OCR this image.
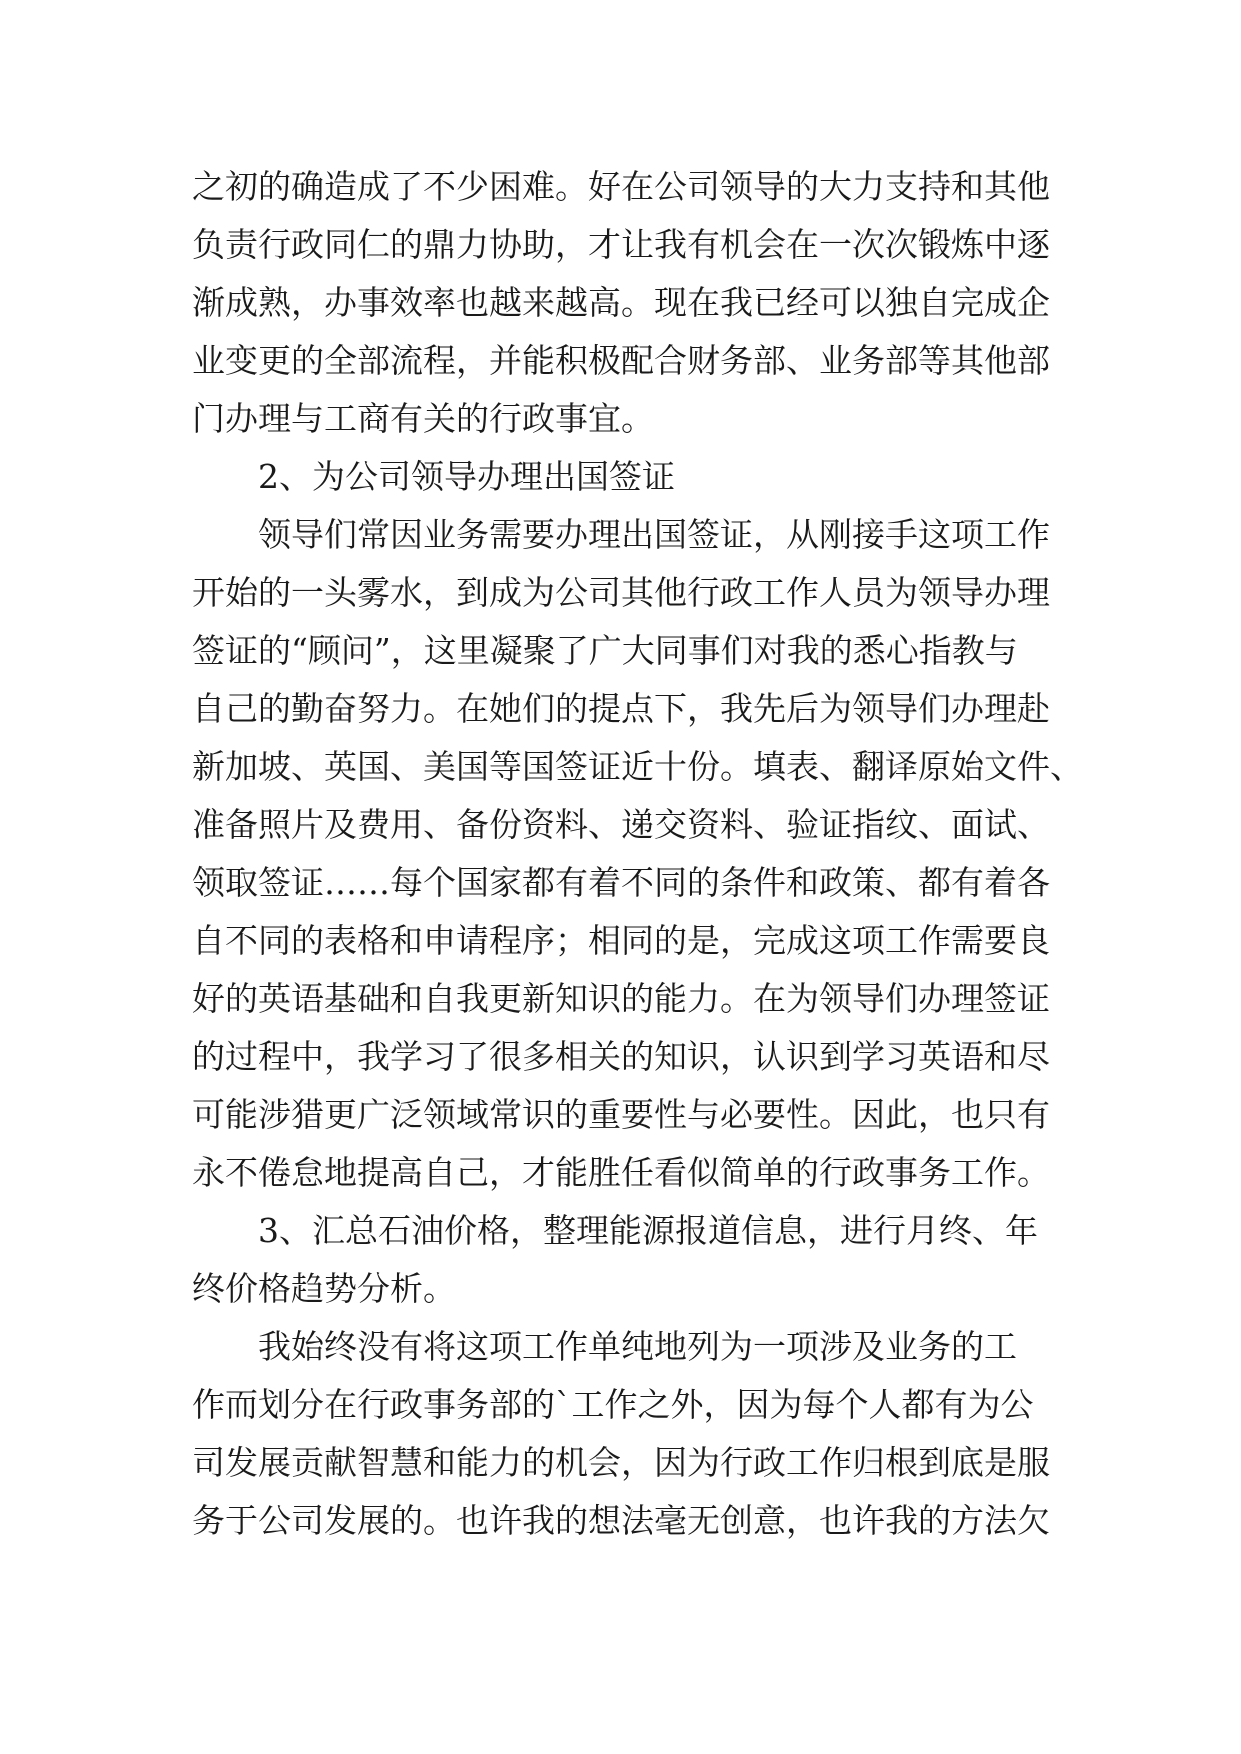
之初的确造成了不少困难。好在公司领导的大力支持和其他
负责行政同仁的鼎力协助，才让我有机会在一次次锻炼中逐
渐成熟，办事效率也越来越高。现在我已经可以独自完成企
业变更的全部流程，并能积极配合财务部、业务部等其他部
门办理与工商有关的行政事宜。
2、为公司领导办理出国签证
领导们常因业务需要办理出国签证，从刚接手这项工作
开始的一头雾水，到成为公司其他行政工作人员为领导办理
签证的“顾问”，这里凝聚了广大同事们对我的悉心指教与
自己的勤奋努力。在她们的提点下，我先后为领导们办理赴
新加坡、英国、美国等国签证近十份。填表、翻译原始文件、
准备照片及费用、备份资料、递交资料、验证指纹、面试、
领取签证……每个国家都有着不同的条件和政策、都有着各
自不同的表格和申请程序；相同的是，完成这项工作需要良
好的英语基础和自我更新知识的能力。在为领导们办理签证
的过程中，我学习了很多相关的知识，认识到学习英语和尽
可能涉猎更广泛领域常识的重要性与必要性。因此，也只有
永不倦怠地提高自己，才能胜任看似简单的行政事务工作。
3、汇总石油价格，整理能源报道信息，进行月终、年
终价格趋势分析。
我始终没有将这项工作单纯地列为一项涉及业务的工
作而划分在行政事务部的`工作之外，因为每个人都有为公
司发展贡献智慧和能力的机会，因为行政工作归根到底是服
务于公司发展的。也许我的想法毫无创意，也许我的方法欠
